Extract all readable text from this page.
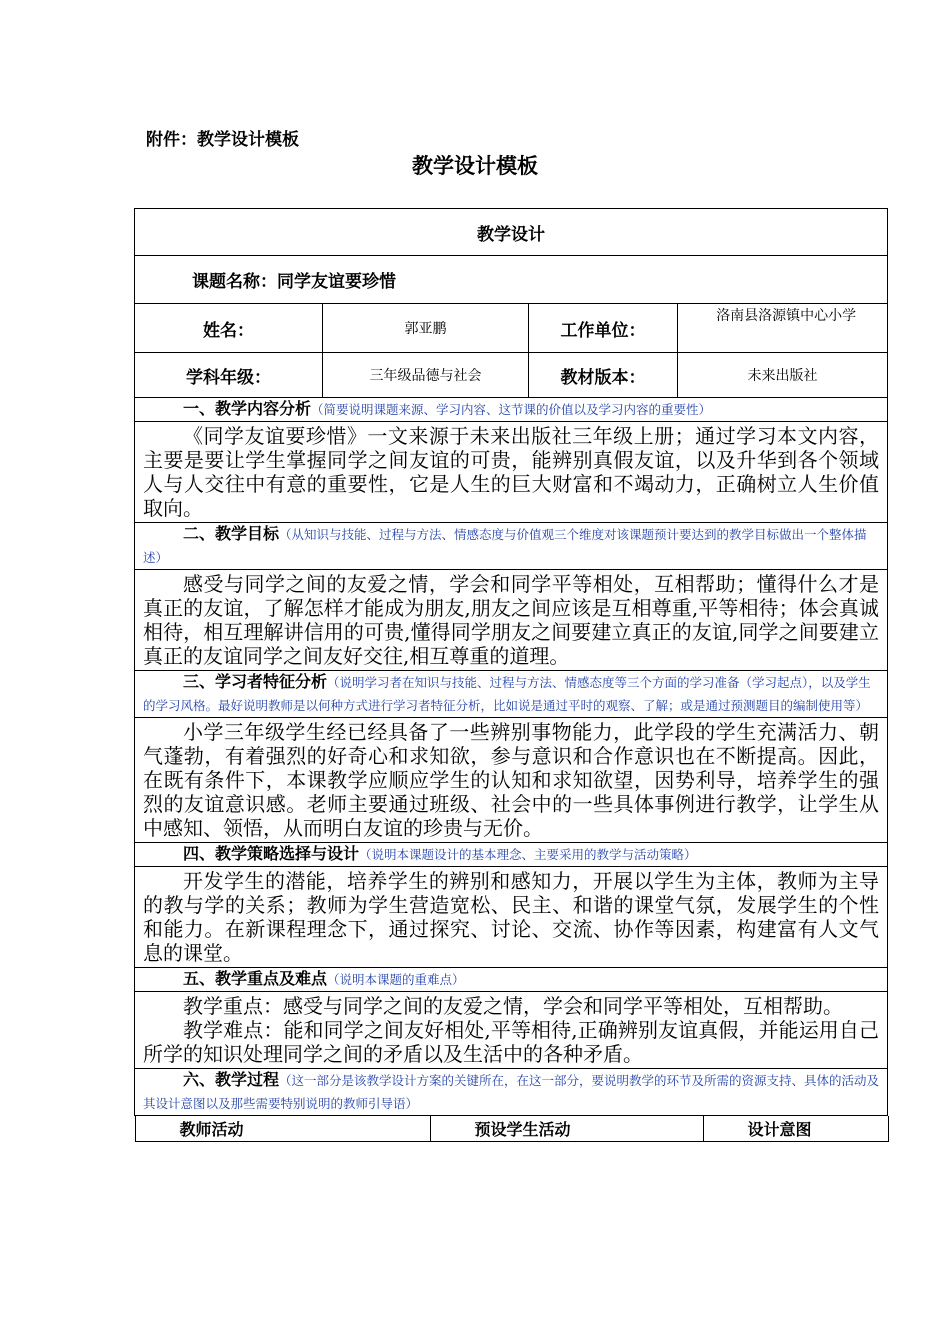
附件：教学设计模板
教学设计模板
教学设计
课题名称：同学友谊要珍惜
姓名：	郭亚鹏	工作单位：	洛南县洛源镇中心小学
学科年级：	三年级品德与社会	教材版本：	未来出版社
一、教学内容分析（简要说明课题来源、学习内容、这节课的价值以及学习内容的重要性）

《同学友谊要珍惜》一文来源于未来出版社三年级上册；通过学习本文内容，主要是要让学生掌握同学之间友谊的可贵，能辨别真假友谊，以及升华到各个领域人与人交往中有意的重要性，它是人生的巨大财富和不竭动力，正确树立人生价值取向。

二、教学目标（从知识与技能、过程与方法、情感态度与价值观三个维度对该课题预计要达到的教学目标做出一个整体描述）

感受与同学之间的友爱之情，学会和同学平等相处，互相帮助；懂得什么才是真正的友谊，了解怎样才能成为朋友,朋友之间应该是互相尊重,平等相待；体会真诚相待，相互理解讲信用的可贵,懂得同学朋友之间要建立真正的友谊,同学之间要建立真正的友谊同学之间友好交往,相互尊重的道理。

三、学习者特征分析（说明学习者在知识与技能、过程与方法、情感态度等三个方面的学习准备（学习起点），以及学生的学习风格。最好说明教师是以何种方式进行学习者特征分析，比如说是通过平时的观察、了解；或是通过预测题目的编制使用等）

小学三年级学生经已经具备了一些辨别事物能力，此学段的学生充满活力、朝气蓬勃，有着强烈的好奇心和求知欲，参与意识和合作意识也在不断提高。因此，在既有条件下，本课教学应顺应学生的认知和求知欲望，因势利导，培养学生的强烈的友谊意识感。老师主要通过班级、社会中的一些具体事例进行教学，让学生从中感知、领悟，从而明白友谊的珍贵与无价。

四、教学策略选择与设计（说明本课题设计的基本理念、主要采用的教学与活动策略）

开发学生的潜能，培养学生的辨别和感知力，开展以学生为主体，教师为主导的教与学的关系；教师为学生营造宽松、民主、和谐的课堂气氛，发展学生的个性和能力。在新课程理念下，通过探究、讨论、交流、协作等因素，构建富有人文气息的课堂。

五、教学重点及难点（说明本课题的重难点）

教学重点：感受与同学之间的友爱之情，学会和同学平等相处，互相帮助。

教学难点：能和同学之间友好相处,平等相待,正确辨别友谊真假，并能运用自己所学的知识处理同学之间的矛盾以及生活中的各种矛盾。

六、教学过程（这一部分是该教学设计方案的关键所在，在这一部分，要说明教学的环节及所需的资源支持、具体的活动及其设计意图以及那些需要特别说明的教师引导语）

教师活动	预设学生活动	设计意图
